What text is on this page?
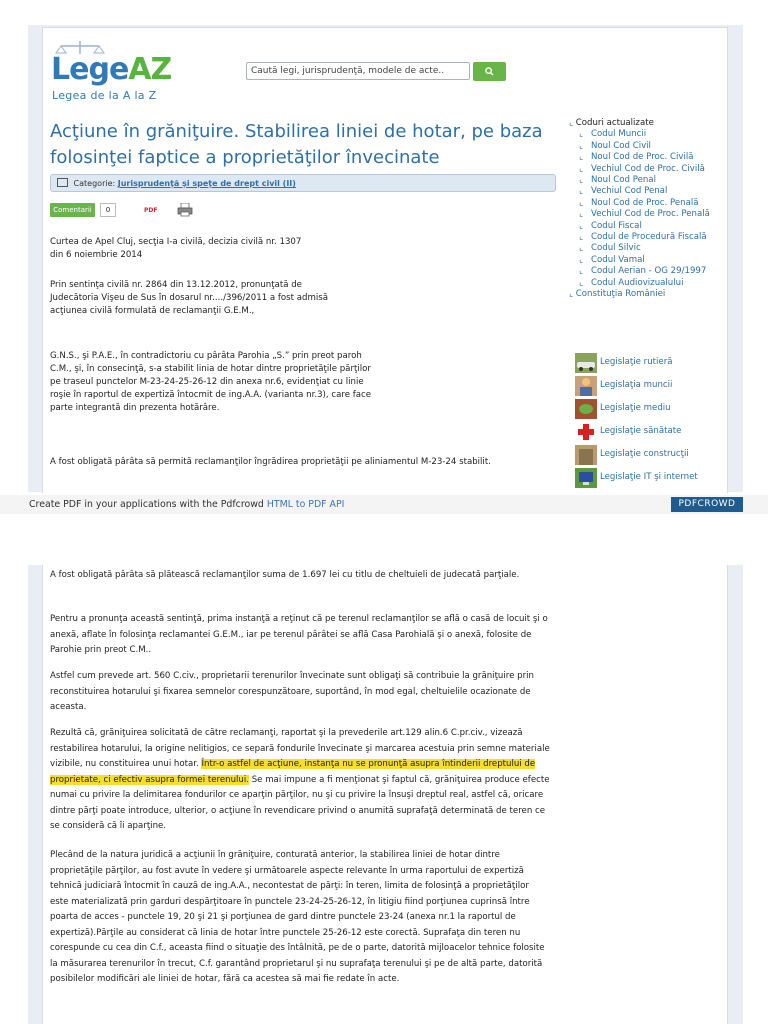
LegeAZ
Legea de la A la Z
Caută legi, jurisprudenţă, modele de acte..
Acţiune în grăniţuire. Stabilirea liniei de hotar, pe baza folosinţei faptice a proprietăţilor învecinate
Categorie: Jurisprudenţă şi speţe de drept civil (II)
Comentarii	0	PDF

Curtea de Apel Cluj, secţia I-a civilă, decizia civilă nr. 1307 din 6 noiembrie 2014

Prin sentinţa civilă nr. 2864 din 13.12.2012, pronunţată de Judecătoria Vişeu de Sus în dosarul nr..../396/2011 a fost admisă acţiunea civilă formulată de reclamanţii G.E.M.,

G.N.S., şi P.A.E., în contradictoriu cu pârâta Parohia „S.” prin preot paroh C.M., şi, în consecinţă, s-a stabilit linia de hotar dintre proprietăţile părţilor pe traseul punctelor M-23-24-25-26-12 din anexa nr.6, evidenţiat cu linie roşie în raportul de expertiză întocmit de ing.A.A. (varianta nr.3), care face parte integrantă din prezenta hotărâre.

A fost obligată pârâta să permită reclamanţilor îngrădirea proprietăţii pe aliniamentul M-23-24 stabilit.

⌞ Coduri actualizate
⌞ Codul Muncii
⌞ Noul Cod Civil
⌞ Noul Cod de Proc. Civilă
⌞ Vechiul Cod de Proc. Civilă
⌞ Noul Cod Penal
⌞ Vechiul Cod Penal
⌞ Noul Cod de Proc. Penală
⌞ Vechiul Cod de Proc. Penală
⌞ Codul Fiscal
⌞ Codul de Procedură Fiscală
⌞ Codul Silvic
⌞ Codul Vamal
⌞ Codul Aerian - OG 29/1997
⌞ Codul Audiovizualului
⌞ Constituţia României
Legislaţie rutieră
Legislaţia muncii
Legislaţie mediu
Legislaţie sănătate
Legislaţie construcţii
Legislaţie IT şi internet
Create PDF in your applications with the Pdfcrowd HTML to PDF API	PDFCROWD

A fost obligată pârâta să plătească reclamanţilor suma de 1.697 lei cu titlu de cheltuieli de judecată parţiale.

Pentru a pronunţa această sentinţă, prima instanţă a reţinut că pe terenul reclamanţilor se află o casă de locuit şi o anexă, aflate în folosinţa reclamantei G.E.M., iar pe terenul pârâtei se află Casa Parohială şi o anexă, folosite de Parohie prin preot C.M..

Astfel cum prevede art. 560 C.civ., proprietarii terenurilor învecinate sunt obligaţi să contribuie la grăniţuire prin reconstituirea hotarului şi fixarea semnelor corespunzătoare, suportând, în mod egal, cheltuielile ocazionate de aceasta.

Rezultă că, grăniţuirea solicitată de către reclamanţi, raportat şi la prevederile art.129 alin.6 C.pr.civ., vizează restabilirea hotarului, la origine nelitigios, ce separă fondurile învecinate şi marcarea acestuia prin semne materiale vizibile, nu constituirea unui hotar. Într-o astfel de acţiune, instanţa nu se pronunţă asupra întinderii dreptului de proprietate, ci efectiv asupra formei terenului. Se mai impune a fi menţionat şi faptul că, grăniţuirea produce efecte numai cu privire la delimitarea fondurilor ce aparţin părţilor, nu şi cu privire la însuşi dreptul real, astfel că, oricare dintre părţi poate introduce, ulterior, o acţiune în revendicare privind o anumită suprafaţă determinată de teren ce se consideră că îi aparţine.

Plecând de la natura juridică a acţiunii în grăniţuire, conturată anterior, la stabilirea liniei de hotar dintre proprietăţile părţilor, au fost avute în vedere şi următoarele aspecte relevante în urma raportului de expertiză tehnică judiciară întocmit în cauză de ing.A.A., necontestat de părţi: în teren, limita de folosinţă a proprietăţilor este materializată prin garduri despărţitoare în punctele 23-24-25-26-12, în litigiu fiind porţiunea cuprinsă între poarta de acces - punctele 19, 20 şi 21 şi porţiunea de gard dintre punctele 23-24 (anexa nr.1 la raportul de expertiză).Părţile au considerat că linia de hotar între punctele 25-26-12 este corectă. Suprafaţa din teren nu corespunde cu cea din C.f., aceasta fiind o situaţie des întâlnită, pe de o parte, datorită mijloacelor tehnice folosite la măsurarea terenurilor în trecut, C.f. garantând proprietarul şi nu suprafaţa terenului şi pe de altă parte, datorită posibilelor modificări ale liniei de hotar, fără ca acestea să mai fie redate în acte.
